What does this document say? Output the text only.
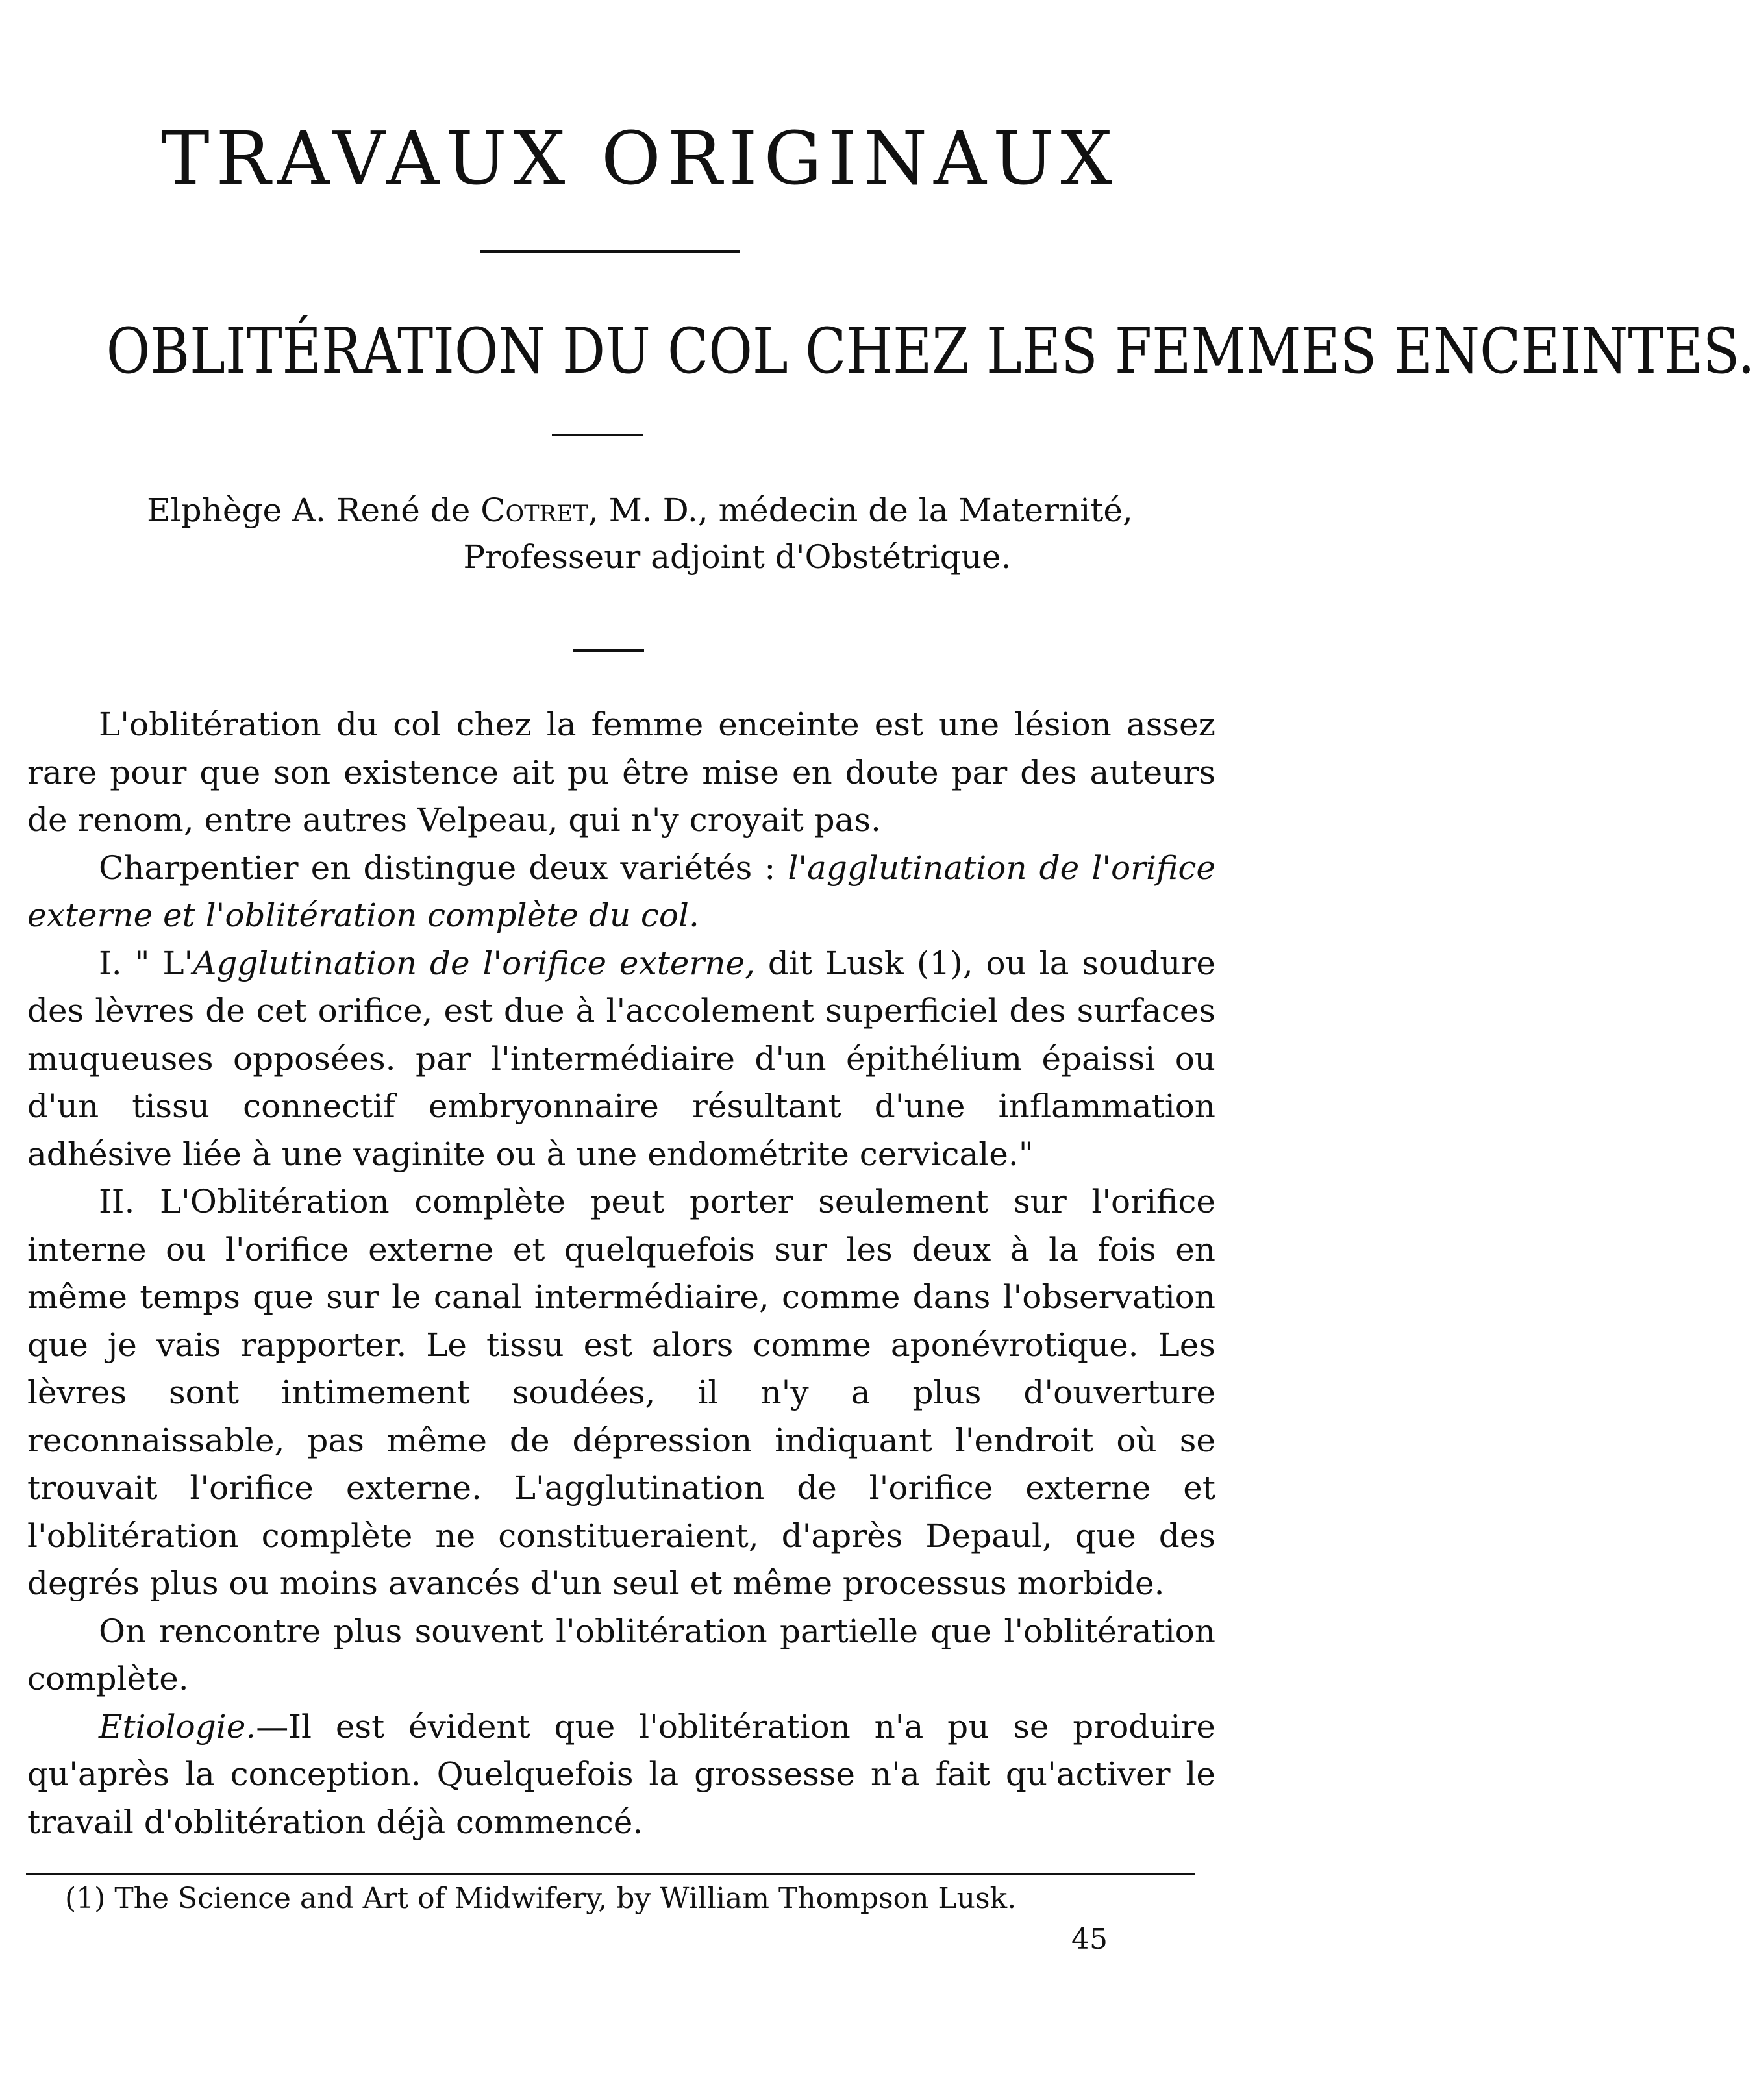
TRAVAUX ORIGINAUX
OBLITÉRATION DU COL CHEZ LES FEMMES ENCEINTES.
Elphège A. René de Cotret, M. D., médecin de la Maternité,
Professeur adjoint d'Obstétrique.

L'oblitération du col chez la femme enceinte est une lésion assez rare pour que son existence ait pu être mise en doute par des auteurs de renom, entre autres Velpeau, qui n'y croyait pas.

Charpentier en distingue deux variétés : l'agglutination de l'orifice externe et l'oblitération complète du col.

I. " L'Agglutination de l'orifice externe, dit Lusk (1), ou la soudure des lèvres de cet orifice, est due à l'accolement superficiel des surfaces muqueuses opposées. par l'intermédiaire d'un épithélium épaissi ou d'un tissu connectif embryonnaire résultant d'une inflammation adhésive liée à une vaginite ou à une endométrite cervicale."

II. L'Oblitération complète peut porter seulement sur l'orifice interne ou l'orifice externe et quelquefois sur les deux à la fois en même temps que sur le canal intermédiaire, comme dans l'observation que je vais rapporter. Le tissu est alors comme aponévrotique. Les lèvres sont intimement soudées, il n'y a plus d'ouverture reconnaissable, pas même de dépression indiquant l'endroit où se trouvait l'orifice externe. L'agglutination de l'orifice externe et l'oblitération complète ne constitueraient, d'après Depaul, que des degrés plus ou moins avancés d'un seul et même processus morbide.

On rencontre plus souvent l'oblitération partielle que l'oblitération complète.

Etiologie.—Il est évident que l'oblitération n'a pu se produire qu'après la conception. Quelquefois la grossesse n'a fait qu'activer le travail d'oblitération déjà commencé.

(1) The Science and Art of Midwifery, by William Thompson Lusk.
45
